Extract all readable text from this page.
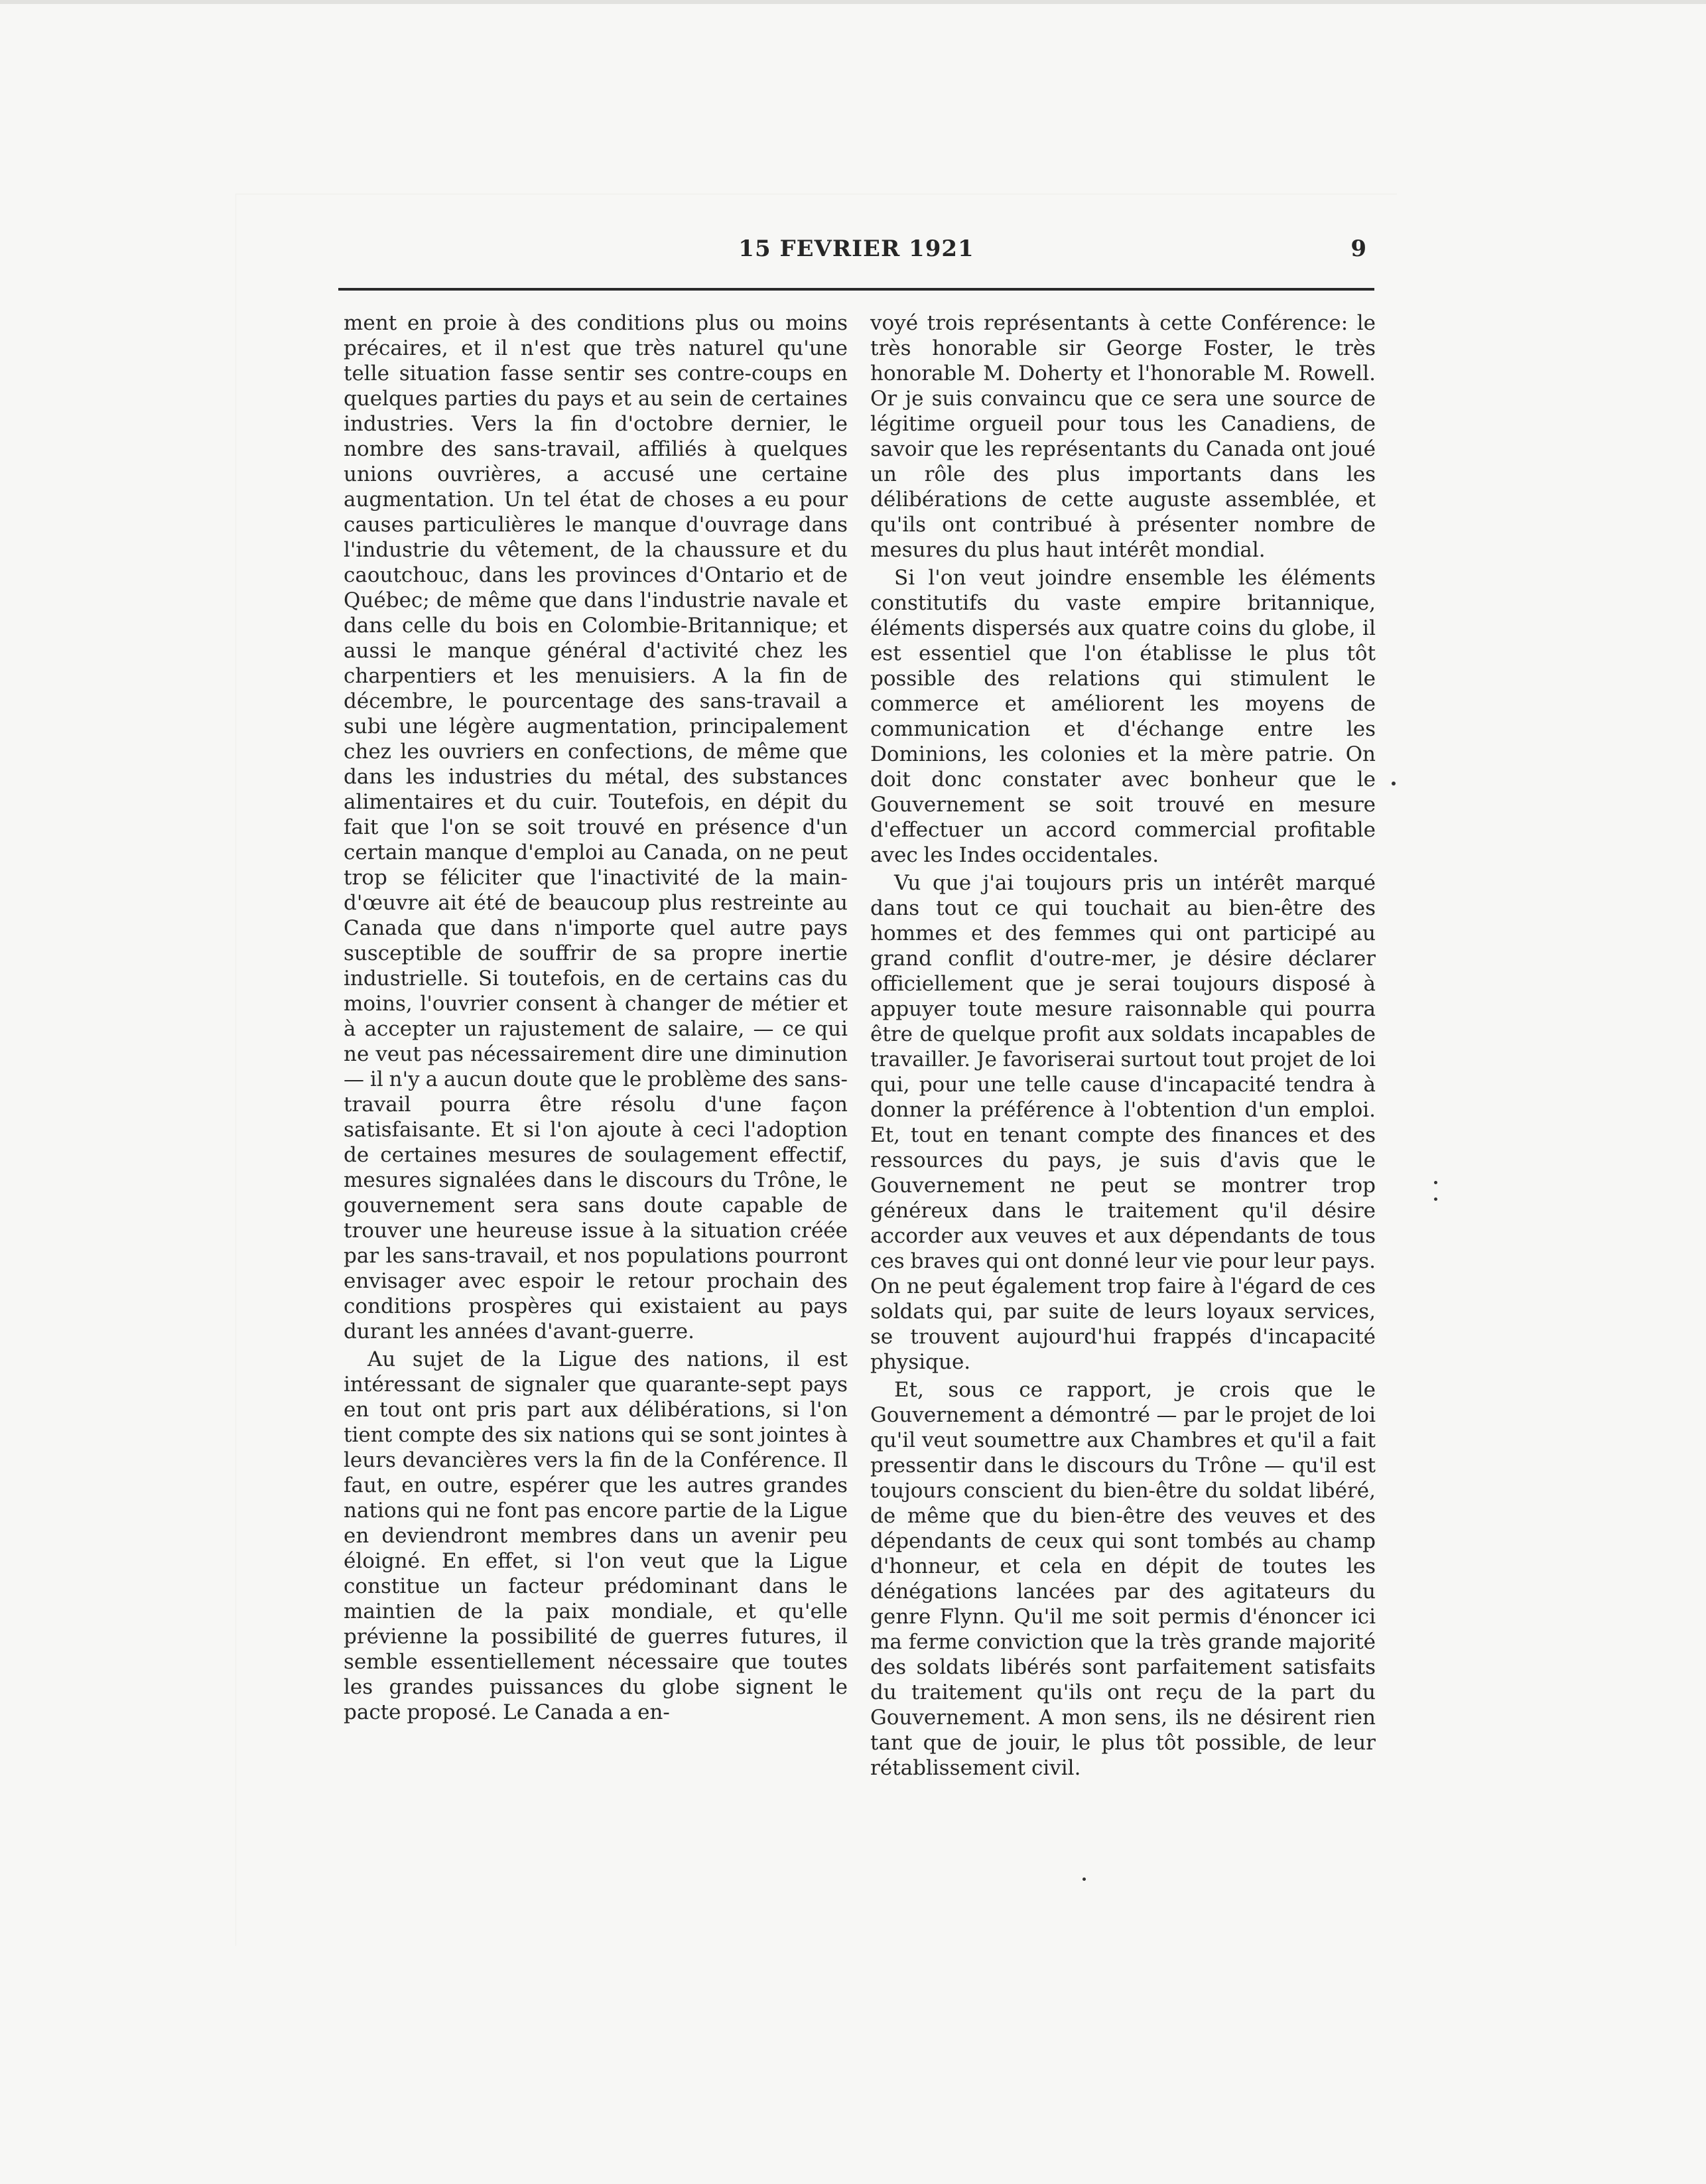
15 FEVRIER 1921	9

ment en proie à des conditions plus ou moins précaires, et il n'est que très naturel qu'une telle situation fasse sentir ses contre-coups en quelques parties du pays et au sein de certaines industries. Vers la fin d'octobre dernier, le nombre des sans-travail, affiliés à quelques unions ouvrières, a accusé une certaine augmentation. Un tel état de choses a eu pour causes particulières le manque d'ouvrage dans l'industrie du vêtement, de la chaussure et du caoutchouc, dans les provinces d'Ontario et de Québec; de même que dans l'industrie navale et dans celle du bois en Colombie-Britannique; et aussi le manque général d'activité chez les charpentiers et les menuisiers. A la fin de décembre, le pourcentage des sans-travail a subi une légère augmentation, principalement chez les ouvriers en confections, de même que dans les industries du métal, des substances alimentaires et du cuir. Toutefois, en dépit du fait que l'on se soit trouvé en présence d'un certain manque d'emploi au Canada, on ne peut trop se féliciter que l'inactivité de la main-d'œuvre ait été de beaucoup plus restreinte au Canada que dans n'importe quel autre pays susceptible de souffrir de sa propre inertie industrielle. Si toutefois, en de certains cas du moins, l'ouvrier consent à changer de métier et à accepter un rajustement de salaire, — ce qui ne veut pas nécessairement dire une diminution — il n'y a aucun doute que le problème des sans-travail pourra être résolu d'une façon satisfaisante. Et si l'on ajoute à ceci l'adoption de certaines mesures de soulagement effectif, mesures signalées dans le discours du Trône, le gouvernement sera sans doute capable de trouver une heureuse issue à la situation créée par les sans-travail, et nos populations pourront envisager avec espoir le retour prochain des conditions prospères qui existaient au pays durant les années d'avant-guerre.

Au sujet de la Ligue des nations, il est intéressant de signaler que quarante-sept pays en tout ont pris part aux délibérations, si l'on tient compte des six nations qui se sont jointes à leurs devancières vers la fin de la Conférence. Il faut, en outre, espérer que les autres grandes nations qui ne font pas encore partie de la Ligue en deviendront membres dans un avenir peu éloigné. En effet, si l'on veut que la Ligue constitue un facteur prédominant dans le maintien de la paix mondiale, et qu'elle prévienne la possibilité de guerres futures, il semble essentiellement nécessaire que toutes les grandes puissances du globe signent le pacte proposé. Le Canada a en-

voyé trois représentants à cette Conférence: le très honorable sir George Foster, le très honorable M. Doherty et l'honorable M. Rowell. Or je suis convaincu que ce sera une source de légitime orgueil pour tous les Canadiens, de savoir que les représentants du Canada ont joué un rôle des plus importants dans les délibérations de cette auguste assemblée, et qu'ils ont contribué à présenter nombre de mesures du plus haut intérêt mondial.

Si l'on veut joindre ensemble les éléments constitutifs du vaste empire britannique, éléments dispersés aux quatre coins du globe, il est essentiel que l'on établisse le plus tôt possible des relations qui stimulent le commerce et améliorent les moyens de communication et d'échange entre les Dominions, les colonies et la mère patrie. On doit donc constater avec bonheur que le Gouvernement se soit trouvé en mesure d'effectuer un accord commercial profitable avec les Indes occidentales.

Vu que j'ai toujours pris un intérêt marqué dans tout ce qui touchait au bien-être des hommes et des femmes qui ont participé au grand conflit d'outre-mer, je désire déclarer officiellement que je serai toujours disposé à appuyer toute mesure raisonnable qui pourra être de quelque profit aux soldats incapables de travailler. Je favoriserai surtout tout projet de loi qui, pour une telle cause d'incapacité tendra à donner la préférence à l'obtention d'un emploi. Et, tout en tenant compte des finances et des ressources du pays, je suis d'avis que le Gouvernement ne peut se montrer trop généreux dans le traitement qu'il désire accorder aux veuves et aux dépendants de tous ces braves qui ont donné leur vie pour leur pays. On ne peut également trop faire à l'égard de ces soldats qui, par suite de leurs loyaux services, se trouvent aujourd'hui frappés d'incapacité physique.

Et, sous ce rapport, je crois que le Gouvernement a démontré — par le projet de loi qu'il veut soumettre aux Chambres et qu'il a fait pressentir dans le discours du Trône — qu'il est toujours conscient du bien-être du soldat libéré, de même que du bien-être des veuves et des dépendants de ceux qui sont tombés au champ d'honneur, et cela en dépit de toutes les dénégations lancées par des agitateurs du genre Flynn. Qu'il me soit permis d'énoncer ici ma ferme conviction que la très grande majorité des soldats libérés sont parfaitement satisfaits du traitement qu'ils ont reçu de la part du Gouvernement. A mon sens, ils ne désirent rien tant que de jouir, le plus tôt possible, de leur rétablissement civil.
